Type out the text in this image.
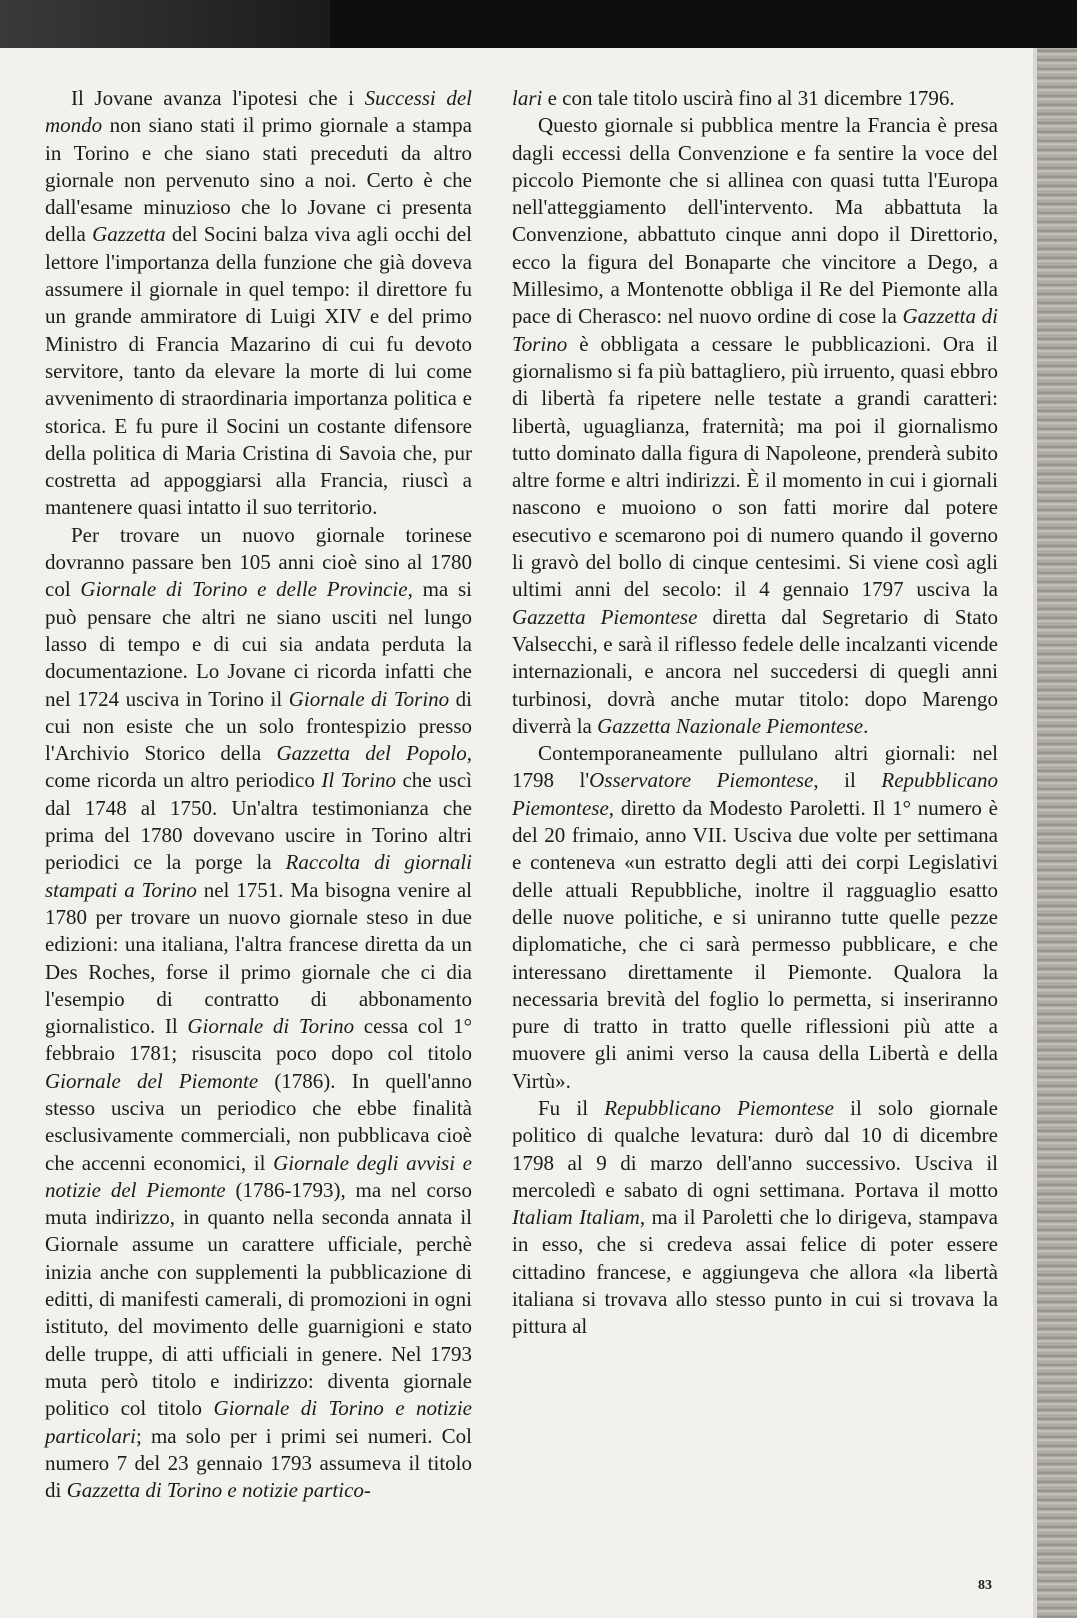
Il Jovane avanza l'ipotesi che i Successi del mondo non siano stati il primo giornale a stampa in Torino e che siano stati preceduti da altro giornale non pervenuto sino a noi. Certo è che dall'esame minuzioso che lo Jovane ci presenta della Gazzetta del Socini balza viva agli occhi del lettore l'importanza della funzione che già doveva assumere il giornale in quel tempo: il direttore fu un grande ammiratore di Luigi XIV e del primo Ministro di Francia Mazarino di cui fu devoto servitore, tanto da elevare la morte di lui come avvenimento di straordinaria importanza politica e storica. E fu pure il Socini un costante difensore della politica di Maria Cristina di Savoia che, pur costretta ad appoggiarsi alla Francia, riuscì a mantenere quasi intatto il suo territorio.

Per trovare un nuovo giornale torinese dovranno passare ben 105 anni cioè sino al 1780 col Giornale di Torino e delle Provincie, ma si può pensare che altri ne siano usciti nel lungo lasso di tempo e di cui sia andata perduta la documentazione. Lo Jovane ci ricorda infatti che nel 1724 usciva in Torino il Giornale di Torino di cui non esiste che un solo frontespizio presso l'Archivio Storico della Gazzetta del Popolo, come ricorda un altro periodico Il Torino che uscì dal 1748 al 1750. Un'altra testimonianza che prima del 1780 dovevano uscire in Torino altri periodici ce la porge la Raccolta di giornali stampati a Torino nel 1751. Ma bisogna venire al 1780 per trovare un nuovo giornale steso in due edizioni: una italiana, l'altra francese diretta da un Des Roches, forse il primo giornale che ci dia l'esempio di contratto di abbonamento giornalistico. Il Giornale di Torino cessa col 1° febbraio 1781; risuscita poco dopo col titolo Giornale del Piemonte (1786). In quell'anno stesso usciva un periodico che ebbe finalità esclusivamente commerciali, non pubblicava cioè che accenni economici, il Giornale degli avvisi e notizie del Piemonte (1786-1793), ma nel corso muta indirizzo, in quanto nella seconda annata il Giornale assume un carattere ufficiale, perchè inizia anche con supplementi la pubblicazione di editti, di manifesti camerali, di promozioni in ogni istituto, del movimento delle guarnigioni e stato delle truppe, di atti ufficiali in genere. Nel 1793 muta però titolo e indirizzo: diventa giornale politico col titolo Giornale di Torino e notizie particolari; ma solo per i primi sei numeri. Col numero 7 del 23 gennaio 1793 assumeva il titolo di Gazzetta di Torino e notizie partico-

lari e con tale titolo uscirà fino al 31 dicembre 1796.

Questo giornale si pubblica mentre la Francia è presa dagli eccessi della Convenzione e fa sentire la voce del piccolo Piemonte che si allinea con quasi tutta l'Europa nell'atteggiamento dell'intervento. Ma abbattuta la Convenzione, abbattuto cinque anni dopo il Direttorio, ecco la figura del Bonaparte che vincitore a Dego, a Millesimo, a Montenotte obbliga il Re del Piemonte alla pace di Cherasco: nel nuovo ordine di cose la Gazzetta di Torino è obbligata a cessare le pubblicazioni. Ora il giornalismo si fa più battagliero, più irruento, quasi ebbro di libertà fa ripetere nelle testate a grandi caratteri: libertà, uguaglianza, fraternità; ma poi il giornalismo tutto dominato dalla figura di Napoleone, prenderà subito altre forme e altri indirizzi. È il momento in cui i giornali nascono e muoiono o son fatti morire dal potere esecutivo e scemarono poi di numero quando il governo li gravò del bollo di cinque centesimi. Si viene così agli ultimi anni del secolo: il 4 gennaio 1797 usciva la Gazzetta Piemontese diretta dal Segretario di Stato Valsecchi, e sarà il riflesso fedele delle incalzanti vicende internazionali, e ancora nel succedersi di quegli anni turbinosi, dovrà anche mutar titolo: dopo Marengo diverrà la Gazzetta Nazionale Piemontese.

Contemporaneamente pullulano altri giornali: nel 1798 l'Osservatore Piemontese, il Repubblicano Piemontese, diretto da Modesto Paroletti. Il 1° numero è del 20 frimaio, anno VII. Usciva due volte per settimana e conteneva «un estratto degli atti dei corpi Legislativi delle attuali Repubbliche, inoltre il ragguaglio esatto delle nuove politiche, e si uniranno tutte quelle pezze diplomatiche, che ci sarà permesso pubblicare, e che interessano direttamente il Piemonte. Qualora la necessaria brevità del foglio lo permetta, si inseriranno pure di tratto in tratto quelle riflessioni più atte a muovere gli animi verso la causa della Libertà e della Virtù».

Fu il Repubblicano Piemontese il solo giornale politico di qualche levatura: durò dal 10 di dicembre 1798 al 9 di marzo dell'anno successivo. Usciva il mercoledì e sabato di ogni settimana. Portava il motto Italiam Italiam, ma il Paroletti che lo dirigeva, stampava in esso, che si credeva assai felice di poter essere cittadino francese, e aggiungeva che allora «la libertà italiana si trovava allo stesso punto in cui si trovava la pittura al

83
